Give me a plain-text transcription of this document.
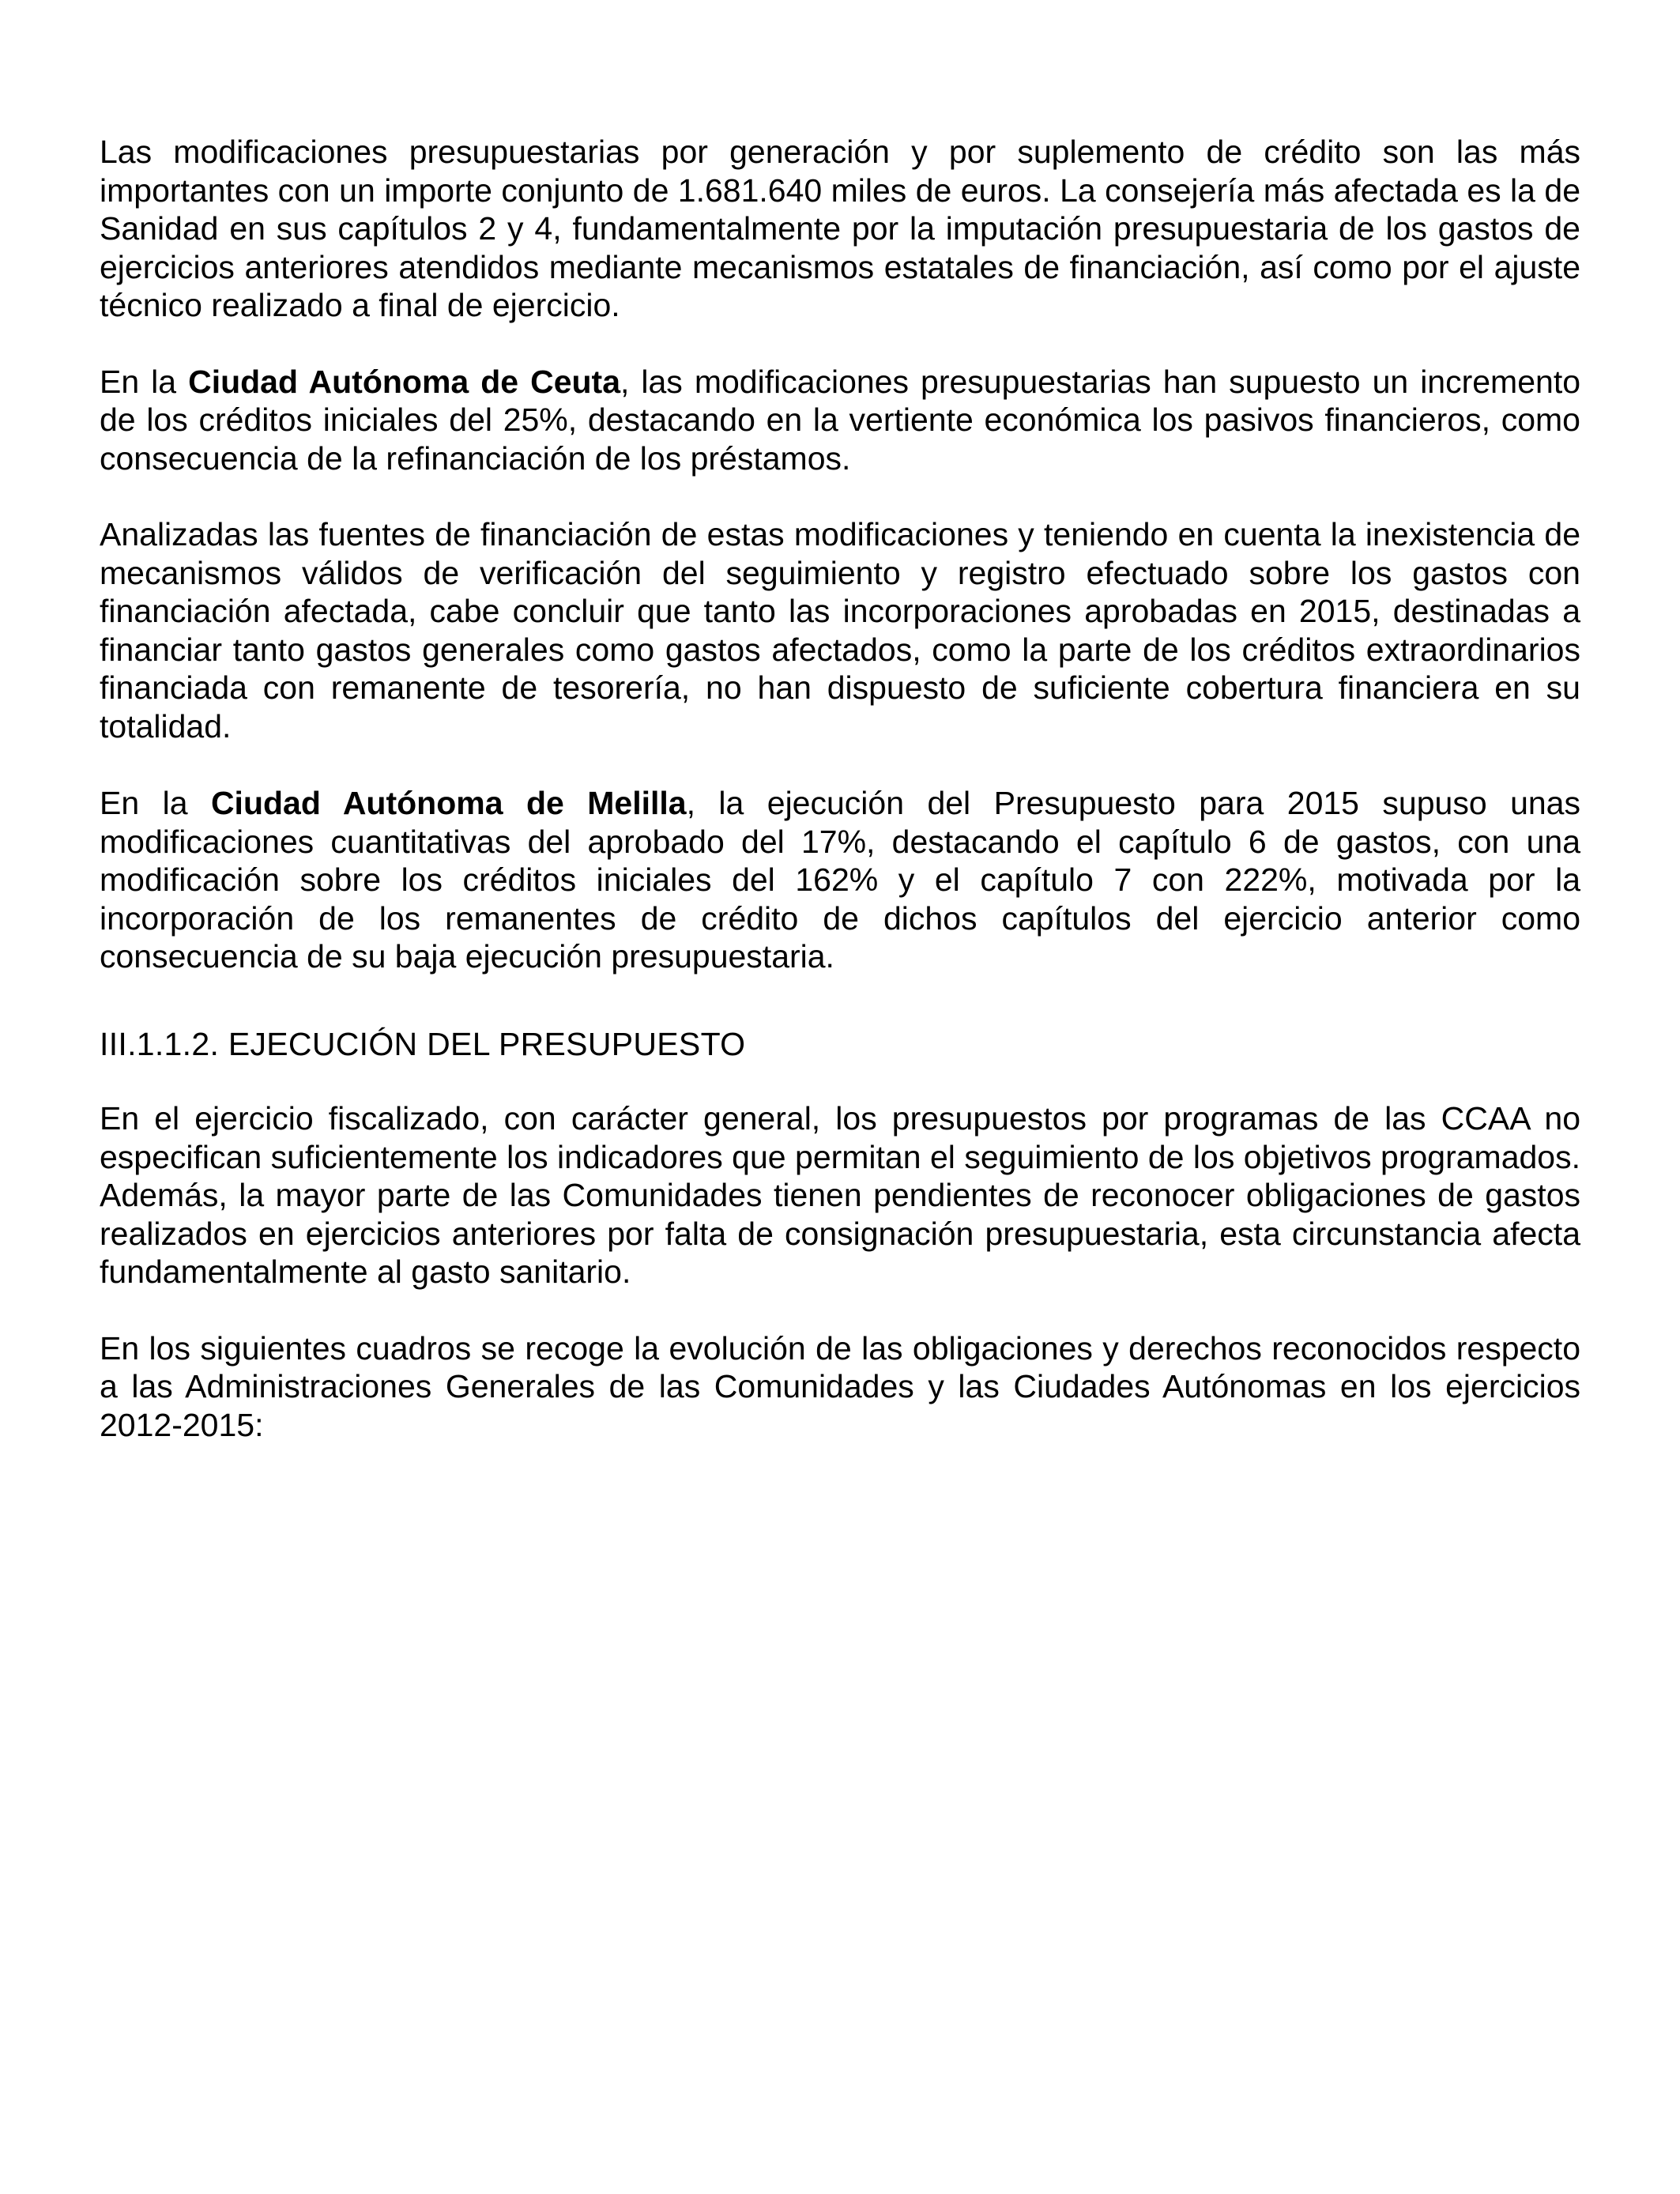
Las modificaciones presupuestarias por generación y por suplemento de crédito son las más importantes con un importe conjunto de 1.681.640 miles de euros. La consejería más afectada es la de Sanidad en sus capítulos 2 y 4, fundamentalmente por la imputación presupuestaria de los gastos de ejercicios anteriores atendidos mediante mecanismos estatales de financiación, así como por el ajuste técnico realizado a final de ejercicio.

En la Ciudad Autónoma de Ceuta, las modificaciones presupuestarias han supuesto un incremento de los créditos iniciales del 25%, destacando en la vertiente económica los pasivos financieros, como consecuencia de la refinanciación de los préstamos.

Analizadas las fuentes de financiación de estas modificaciones y teniendo en cuenta la inexistencia de mecanismos válidos de verificación del seguimiento y registro efectuado sobre los gastos con financiación afectada, cabe concluir que tanto las incorporaciones aprobadas en 2015, destinadas a financiar tanto gastos generales como gastos afectados, como la parte de los créditos extraordinarios financiada con remanente de tesorería, no han dispuesto de suficiente cobertura financiera en su totalidad.

En la Ciudad Autónoma de Melilla, la ejecución del Presupuesto para 2015 supuso unas modificaciones cuantitativas del aprobado del 17%, destacando el capítulo 6 de gastos, con una modificación sobre los créditos iniciales del 162% y el capítulo 7 con 222%, motivada por la incorporación de los remanentes de crédito de dichos capítulos del ejercicio anterior como consecuencia de su baja ejecución presupuestaria.

III.1.1.2. EJECUCIÓN DEL PRESUPUESTO

En el ejercicio fiscalizado, con carácter general, los presupuestos por programas de las CCAA no especifican suficientemente los indicadores que permitan el seguimiento de los objetivos programados. Además, la mayor parte de las Comunidades tienen pendientes de reconocer obligaciones de gastos realizados en ejercicios anteriores por falta de consignación presupuestaria, esta circunstancia afecta fundamentalmente al gasto sanitario.

En los siguientes cuadros se recoge la evolución de las obligaciones y derechos reconocidos respecto a las Administraciones Generales de las Comunidades y las Ciudades Autónomas en los ejercicios 2012-2015:
